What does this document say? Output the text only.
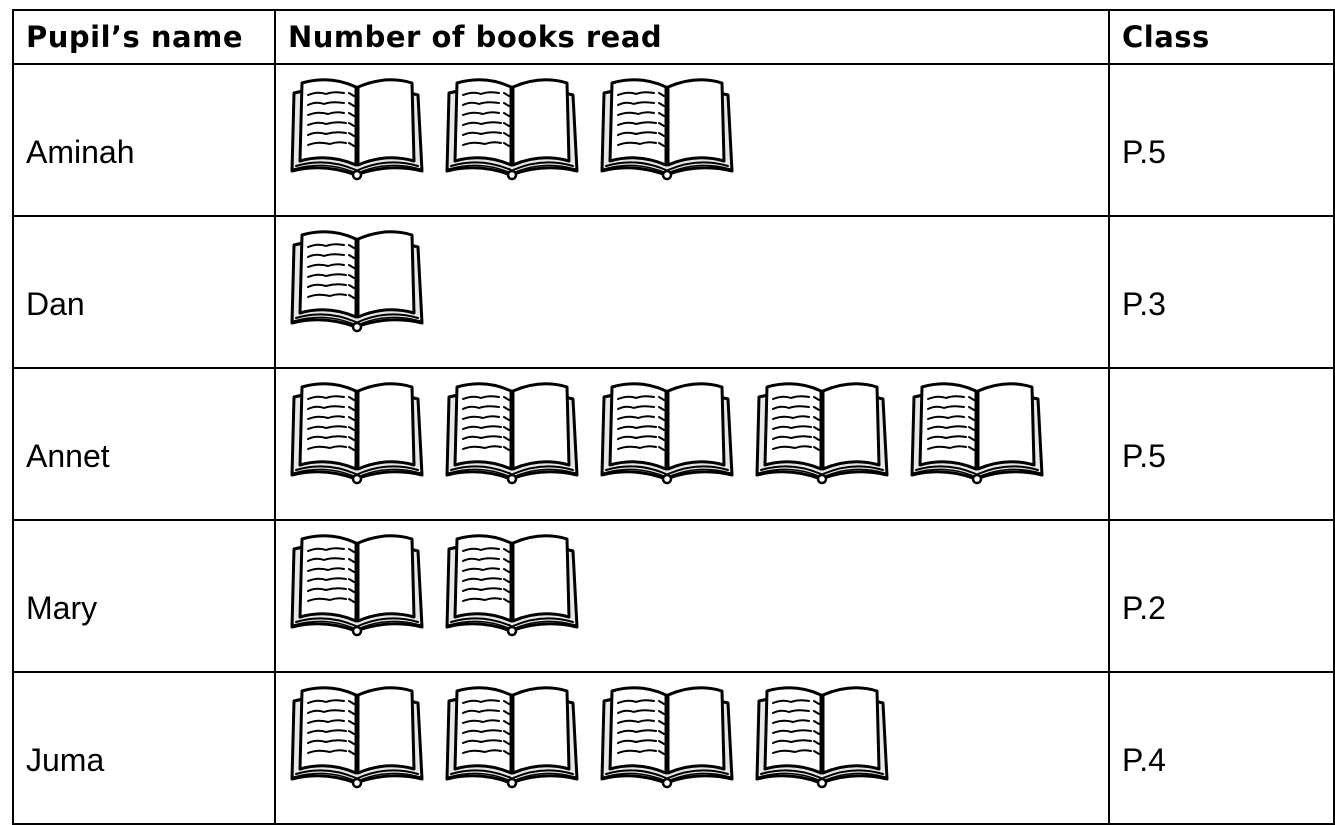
Pupil’s name	Number of books read	Class
Aminah		P.5
Dan		P.3
Annet		P.5
Mary		P.2
Juma		P.4
